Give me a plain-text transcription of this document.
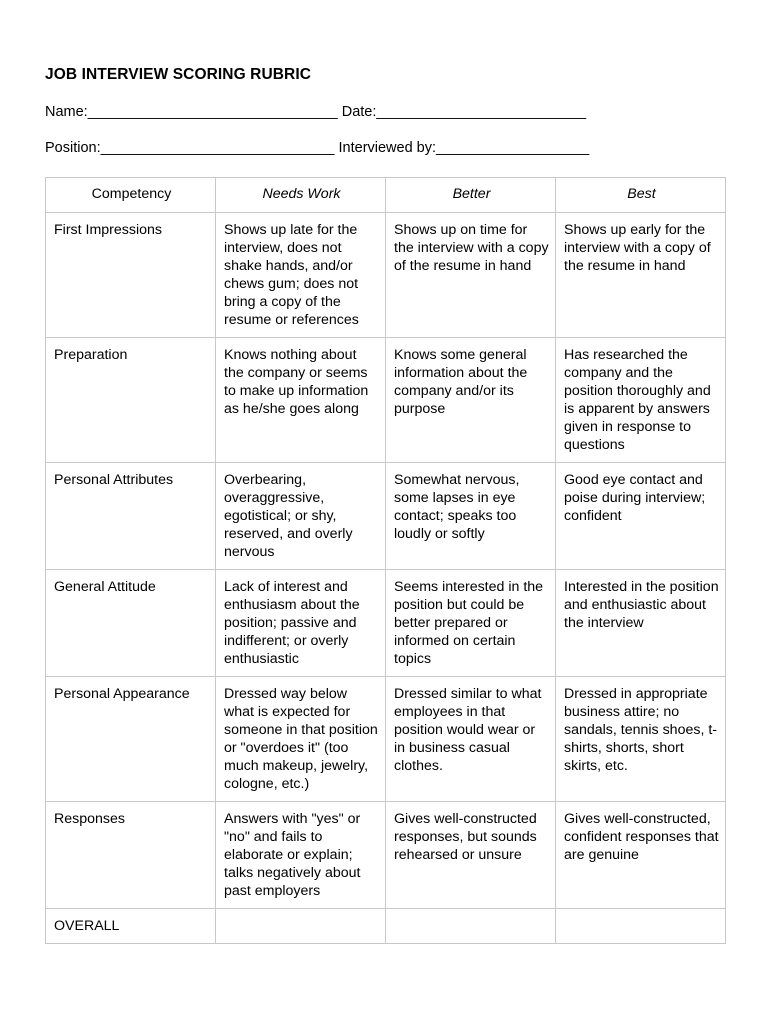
JOB INTERVIEW SCORING RUBRIC
Name:_______________________________ Date:__________________________
Position:_____________________________ Interviewed by:___________________
Competency	Needs Work	Better	Best
First Impressions	Shows up late for the interview, does not shake hands, and/or chews gum; does not bring a copy of the resume or references	Shows up on time for the interview with a copy of the resume in hand	Shows up early for the interview with a copy of the resume in hand
Preparation	Knows nothing about the company or seems to make up information as he/she goes along	Knows some general information about the company and/or its purpose	Has researched the company and the position thoroughly and is apparent by answers given in response to questions
Personal Attributes	Overbearing, overaggressive, egotistical; or shy, reserved, and overly nervous	Somewhat nervous, some lapses in eye contact; speaks too loudly or softly	Good eye contact and poise during interview; confident
General Attitude	Lack of interest and enthusiasm about the position; passive and indifferent; or overly enthusiastic	Seems interested in the position but could be better prepared or informed on certain topics	Interested in the position and enthusiastic about the interview
Personal Appearance	Dressed way below what is expected for someone in that position or "overdoes it" (too much makeup, jewelry, cologne, etc.)	Dressed similar to what employees in that position would wear or in business casual clothes.	Dressed in appropriate business attire; no sandals, tennis shoes, t-shirts, shorts, short skirts, etc.
Responses	Answers with "yes" or "no" and fails to elaborate or explain; talks negatively about past employers	Gives well-constructed responses, but sounds rehearsed or unsure	Gives well-constructed, confident responses that are genuine
OVERALL			
